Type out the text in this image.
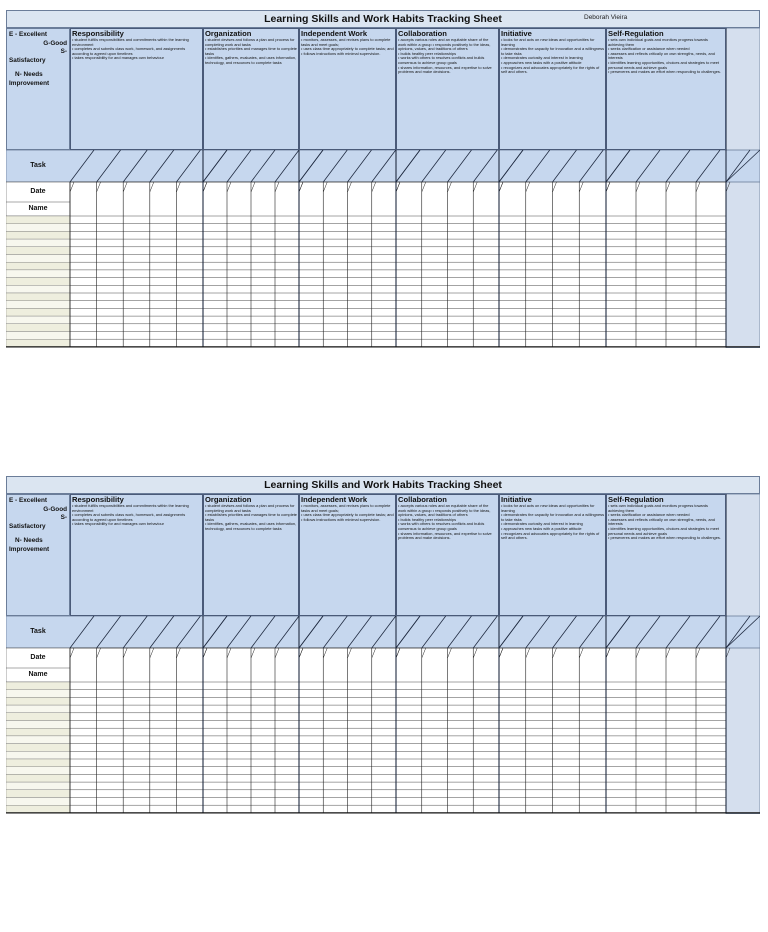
Learning Skills and Work Habits Tracking Sheet	Deborah Vieira
E - Excellent
G-Good
S-
Satisfactory
N- Needs
Improvement
Responsibility
• student fulfills responsibilities and commitments within the learning environment
• completes and submits class work, homework, and assignments according to agreed upon timelines
• takes responsibility for and manages own behaviour
Organization
• student devises and follows a plan and process for completing work and tasks
• establishes priorities and manages time to complete tasks
• identifies, gathers, evaluates, and uses information, technology, and resources to complete tasks
Independent Work
• monitors, assesses, and revises plans to complete tasks and meet goals;
• uses class time appropriately to complete tasks; and
• follows instructions with minimal supervision.
Collaboration
• accepts various roles and an equitable share of the work within a group • responds positively to the ideas, opinions, values, and traditions of others
• builds healthy peer relationships
• works with others to resolves conflicts and builds consensus to achieve group goals
• shares information, resources, and expertise to solve problems and make decisions.
Initiative
• looks for and acts on new ideas and opportunities for learning
• demonstrates the capacity for innovation and a willingness to take risks
• demonstrates curiosity and interest in learning
• approaches new tasks with a positive attitude
• recognizes and advocates appropriately for the rights of self and others.
Self-Regulation
• sets own individual goals and monitors progress towards achieving them
• seeks clarification or assistance when needed
• assesses and reflects critically on own strengths, needs, and interests
• identifies learning opportunities, choices and strategies to meet personal needs and achieve goals
• perseveres and makes an effort when responding to challenges.
Task
Date
Name
Learning Skills and Work Habits Tracking Sheet
E - Excellent
G-Good
S-
Satisfactory
N- Needs
Improvement
Responsibility
• student fulfills responsibilities and commitments within the learning environment
• completes and submits class work, homework, and assignments according to agreed upon timelines
• takes responsibility for and manages own behaviour
Organization
• student devises and follows a plan and process for completing work and tasks
• establishes priorities and manages time to complete tasks
• identifies, gathers, evaluates, and uses information, technology, and resources to complete tasks
Independent Work
• monitors, assesses, and revises plans to complete tasks and meet goals;
• uses class time appropriately to complete tasks; and
• follows instructions with minimal supervision.
Collaboration
• accepts various roles and an equitable share of the work within a group • responds positively to the ideas, opinions, values, and traditions of others
• builds healthy peer relationships
• works with others to resolves conflicts and builds consensus to achieve group goals
• shares information, resources, and expertise to solve problems and make decisions.
Initiative
• looks for and acts on new ideas and opportunities for learning
• demonstrates the capacity for innovation and a willingness to take risks
• demonstrates curiosity and interest in learning
• approaches new tasks with a positive attitude
• recognizes and advocates appropriately for the rights of self and others.
Self-Regulation
• sets own individual goals and monitors progress towards achieving them
• seeks clarification or assistance when needed
• assesses and reflects critically on own strengths, needs, and interests
• identifies learning opportunities, choices and strategies to meet personal needs and achieve goals
• perseveres and makes an effort when responding to challenges.
Task
Date
Name
